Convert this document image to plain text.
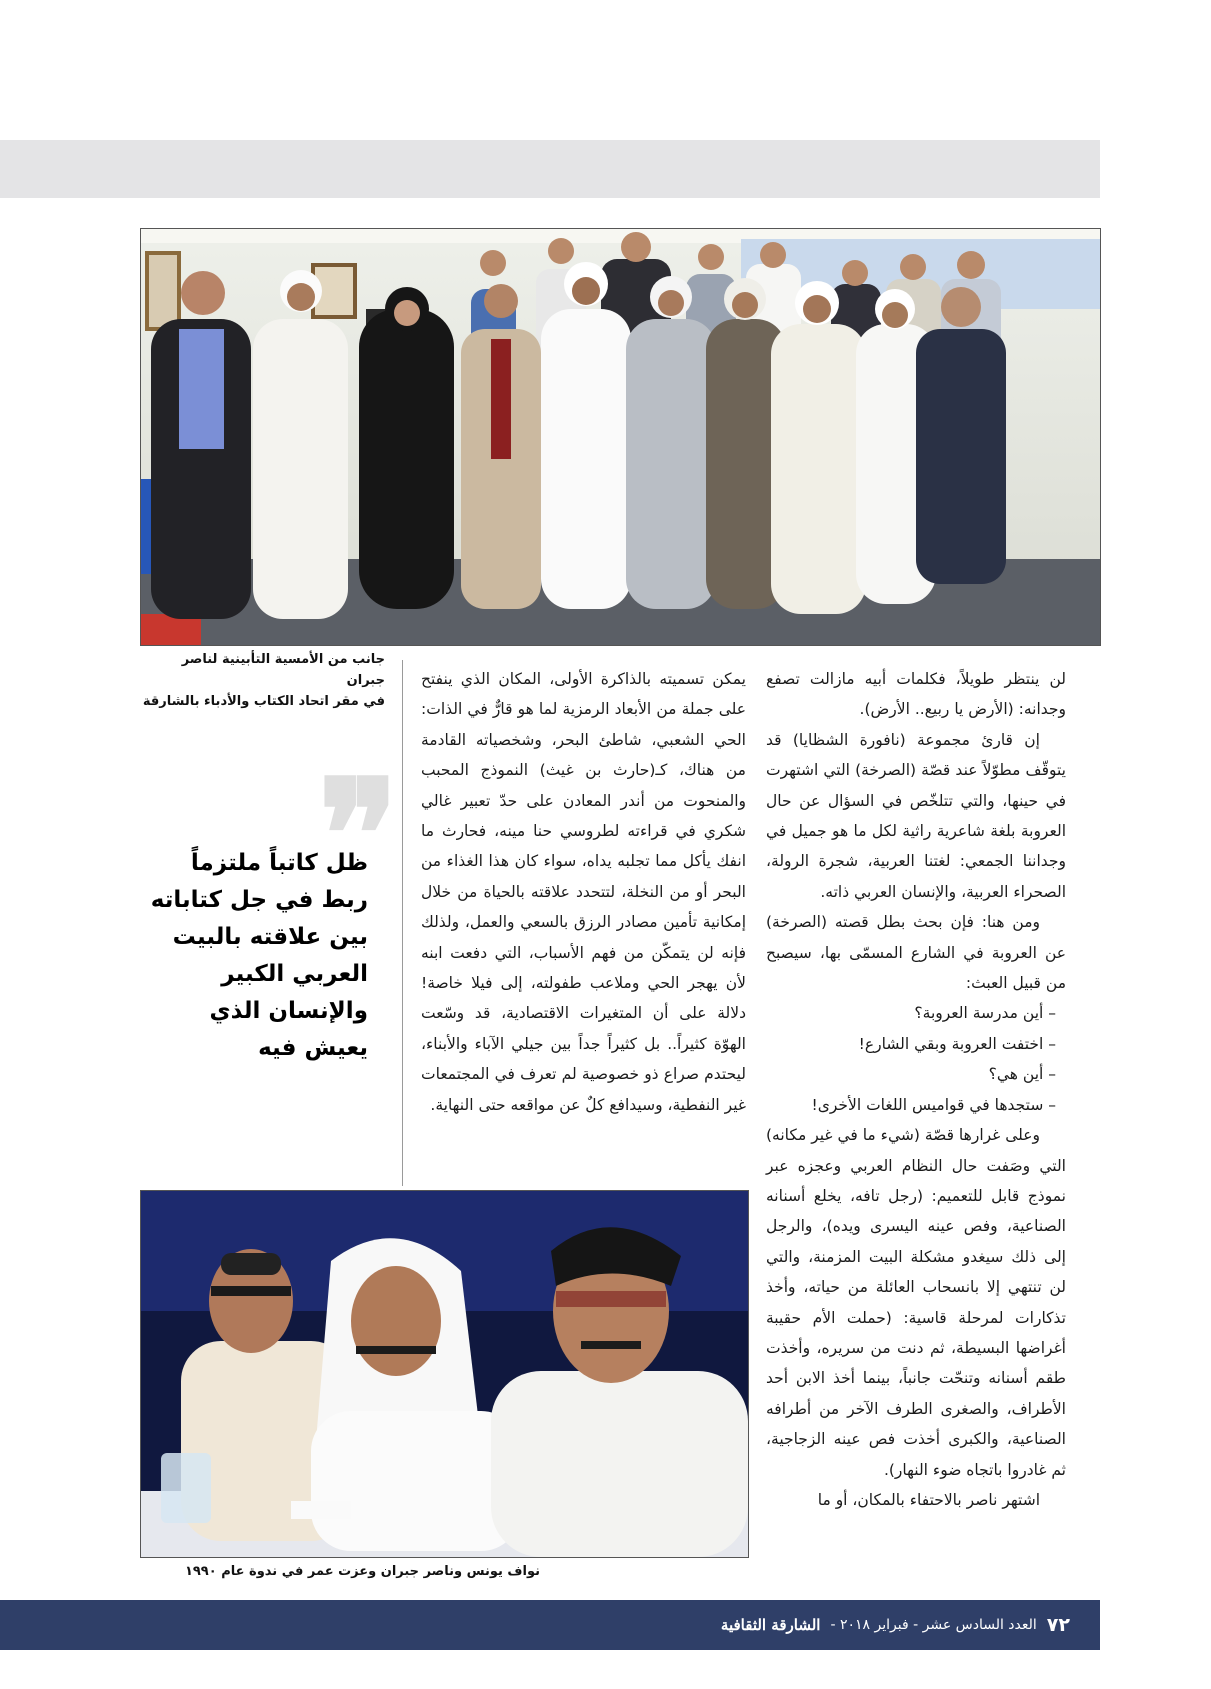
جانب من الأمسية التأبينية لناصر جبران
في مقر اتحاد الكتاب والأدباء بالشارقة

لن ينتظر طويلاً، فكلمات أبيه مازالت تصفع وجدانه: (الأرض يا ربيع.. الأرض).

إن قارئ مجموعة (نافورة الشظايا) قد يتوقّف مطوّلاً عند قصّة (الصرخة) التي اشتهرت في حينها، والتي تتلخّص في السؤال عن حال العروبة بلغة شاعرية راثية لكل ما هو جميل في وجداننا الجمعي: لغتنا العربية، شجرة الرولة، الصحراء العربية، والإنسان العربي ذاته.

ومن هنا: فإن بحث بطل قصته (الصرخة) عن العروبة في الشارع المسمّى بها، سيصبح من قبيل العبث:

– أين مدرسة العروبة؟

– اختفت العروبة وبقي الشارع!

– أين هي؟

– ستجدها في قواميس اللغات الأخرى!

وعلى غرارها قصّة (شيء ما في غير مكانه) التي وصَفت حال النظام العربي وعجزه عبر نموذج قابل للتعميم: (رجل تافه، يخلع أسنانه الصناعية، وفص عينه اليسرى ويده)، والرجل إلى ذلك سيغدو مشكلة البيت المزمنة، والتي لن تنتهي إلا بانسحاب العائلة من حياته، وأخذ تذكارات لمرحلة قاسية: (حملت الأم حقيبة أغراضها البسيطة، ثم دنت من سريره، وأخذت طقم أسنانه وتنحّت جانباً، بينما أخذ الابن أحد الأطراف، والصغرى الطرف الآخر من أطرافه الصناعية، والكبرى أخذت فص عينه الزجاجية، ثم غادروا باتجاه ضوء النهار).

اشتهر ناصر بالاحتفاء بالمكان، أو ما

يمكن تسميته بالذاكرة الأولى، المكان الذي ينفتح على جملة من الأبعاد الرمزية لما هو قارٌّ في الذات: الحي الشعبي، شاطئ البحر، وشخصياته القادمة من هناك، كـ(حارث بن غيث) النموذج المحبب والمنحوت من أندر المعادن على حدّ تعبير غالي شكري في قراءته لطروسي حنا مينه، فحارث ما انفك يأكل مما تجلبه يداه، سواء كان هذا الغذاء من البحر أو من النخلة، لتتحدد علاقته بالحياة من خلال إمكانية تأمين مصادر الرزق بالسعي والعمل، ولذلك فإنه لن يتمكّن من فهم الأسباب، التي دفعت ابنه لأن يهجر الحي وملاعب طفولته، إلى فيلا خاصة! دلالة على أن المتغيرات الاقتصادية، قد وسّعت الهوّة كثيراً.. بل كثيراً جداً بين جيلي الآباء والأبناء، ليحتدم صراع ذو خصوصية لم تعرف في المجتمعات غير النفطية، وسيدافع كلٌ عن مواقعه حتى النهاية.

❞
ظل كاتباً ملتزماً
ربط في جل كتاباته
بين علاقته بالبيت
العربي الكبير
والإنسان الذي
يعيش فيه
نواف يونس وناصر جبران وعزت عمر في ندوة عام ١٩٩٠
٧٢
العدد السادس عشر - فبراير ٢٠١٨ -
الشارقة الثقافية
